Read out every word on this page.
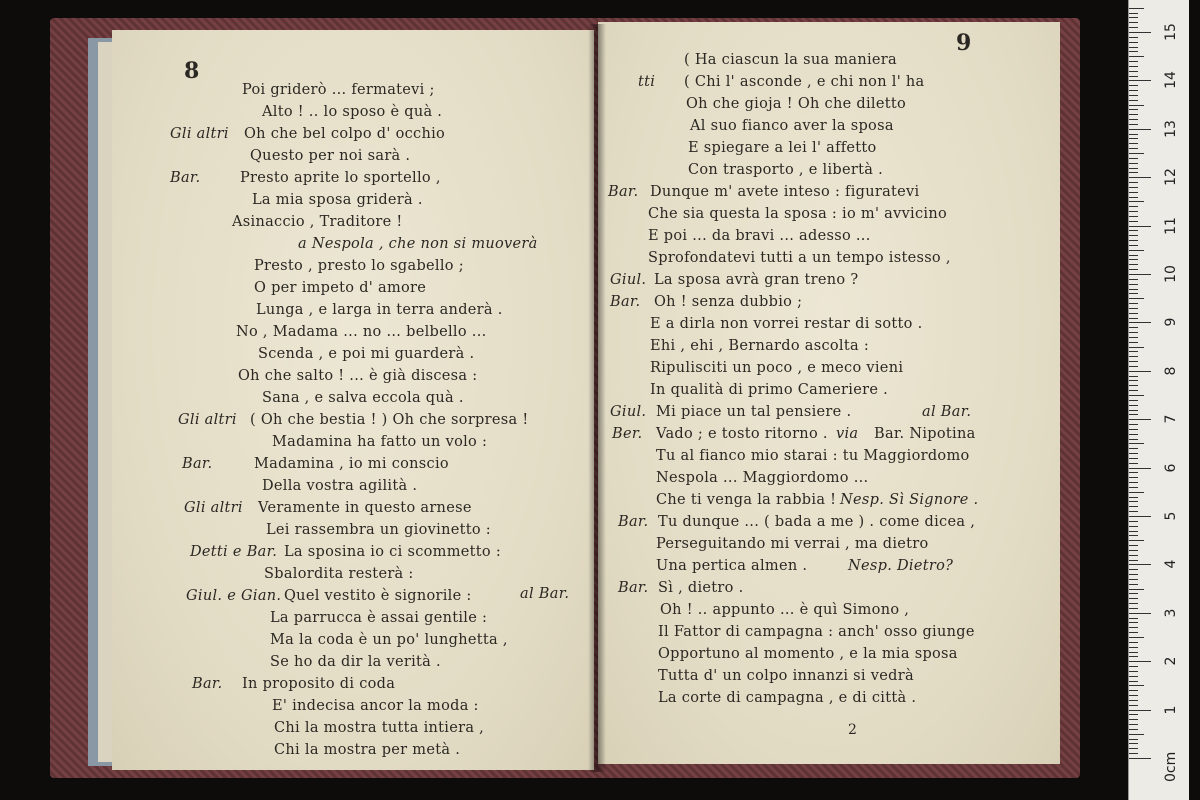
8
Poi griderò ... fermatevi ;
Alto ! .. lo sposo è quà .
Gli altri Oh che bel colpo d' occhio
Questo per noi sarà .
Bar.	Presto aprite lo sportello ,
La mia sposa griderà .
Asinaccio , Traditore !
a Nespola , che non si muoverà
Presto , presto lo sgabello ;
O per impeto d' amore
Lunga , e larga in terra anderà .
No , Madama ... no ... belbello ...
Scenda , e poi mi guarderà .
Oh che salto ! ... è già discesa :
Sana , e salva eccola quà .
Gli altri ( Oh che bestia ! ) Oh che sorpresa !
Madamina ha fatto un volo :
Bar.	Madamina , io mi conscio
Della vostra agilità .
Gli altri Veramente in questo arnese
Lei rassembra un giovinetto :
Detti e Bar. La sposina io ci scommetto :
Sbalordita resterà :
Giul. e Gian. Quel vestito è signorile :	al Bar.
La parrucca è assai gentile :
Ma la coda è un po' lunghetta ,
Se ho da dir la verità .
Bar. In proposito di coda
E' indecisa ancor la moda :
Chi la mostra tutta intiera ,
Chi la mostra per metà .
9
( Ha ciascun la sua maniera
tti ( Chi l' asconde , e chi non l' ha
Oh che gioja ! Oh che diletto
Al suo fianco aver la sposa
E spiegare a lei l' affetto
Con trasporto , e libertà .
Bar. Dunque m' avete inteso : figuratevi
Che sia questa la sposa : io m' avvicino
E poi ... da bravi ... adesso ...
Sprofondatevi tutti a un tempo istesso ,
Giul. La sposa avrà gran treno ?
Bar. Oh ! senza dubbio ;
E a dirla non vorrei restar di sotto .
Ehi , ehi , Bernardo ascolta :
Ripulisciti un poco , e meco vieni
In qualità di primo Cameriere .
Giul. Mi piace un tal pensiere .	al Bar.
Ber. Vado ; e tosto ritorno . via Bar. Nipotina
Tu al fianco mio starai : tu Maggiordomo
Nespola ... Maggiordomo ...
Che ti venga la rabbia ! Nesp. Sì Signore .
Bar. Tu dunque ... ( bada a me ) . come dicea ,
Perseguitando mi verrai , ma dietro
Una pertica almen .	Nesp. Dietro?
Bar. Sì , dietro .
Oh ! .. appunto ... è quì Simono ,
Il Fattor di campagna : anch' osso giunge
Opportuno al momento , e la mia sposa
Tutta d' un colpo innanzi si vedrà
La corte di campagna , e di città .
2
0cm
1
2
3
4
5
6
7
8
9
10
11
12
13
14
15
